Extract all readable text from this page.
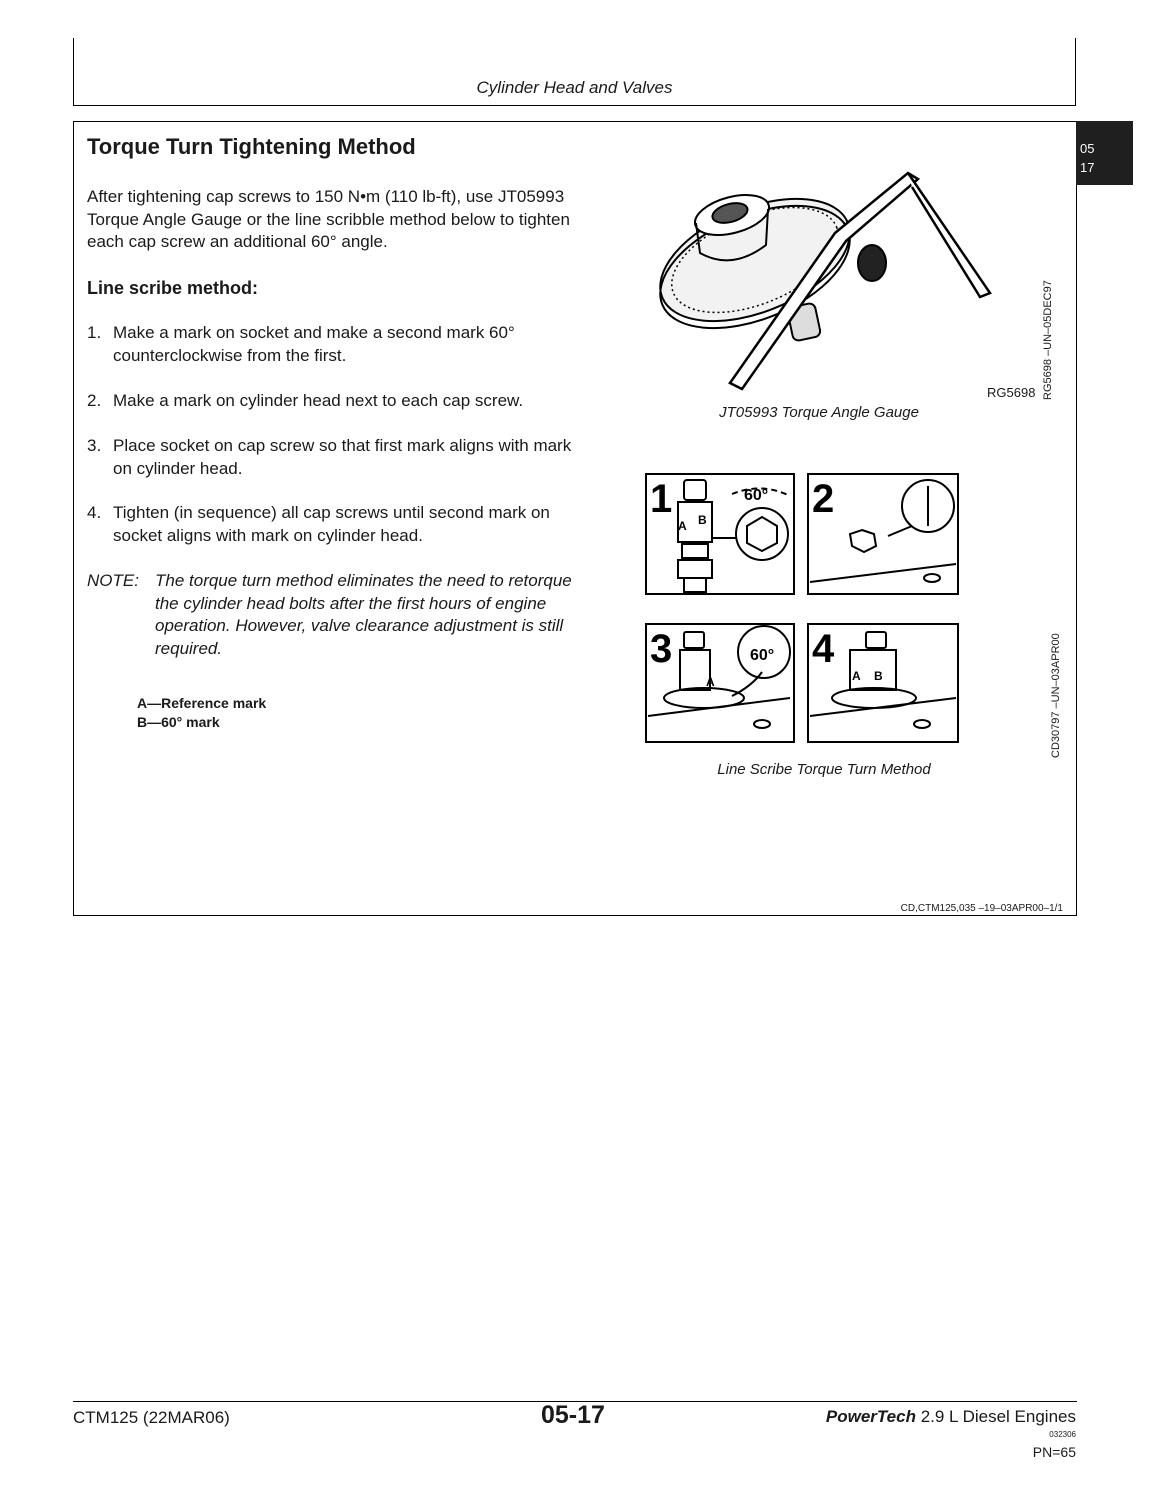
Cylinder Head and Valves
05
17
Torque Turn Tightening Method
After tightening cap screws to 150 N•m (110 lb-ft), use JT05993 Torque Angle Gauge or the line scribble method below to tighten each cap screw an additional 60° angle.
Line scribe method:
1. Make a mark on socket and make a second mark 60° counterclockwise from the first.
2. Make a mark on cylinder head next to each cap screw.
3. Place socket on cap screw so that first mark aligns with mark on cylinder head.
4. Tighten (in sequence) all cap screws until second mark on socket aligns with mark on cylinder head.
NOTE: The torque turn method eliminates the need to retorque the cylinder head bolts after the first hours of engine operation. However, valve clearance adjustment is still required.
A—Reference mark
B—60° mark
RG5698 RG5698 –UN–05DEC97
JT05993 Torque Angle Gauge
1	2
3	4
60°
60°
A B
A	A B	CD30797 –UN–03APR00
Line Scribe Torque Turn Method
CD,CTM125,035 –19–03APR00–1/1
CTM125 (22MAR06)	05-17	PowerTech 2.9 L Diesel Engines
032306
PN=65
